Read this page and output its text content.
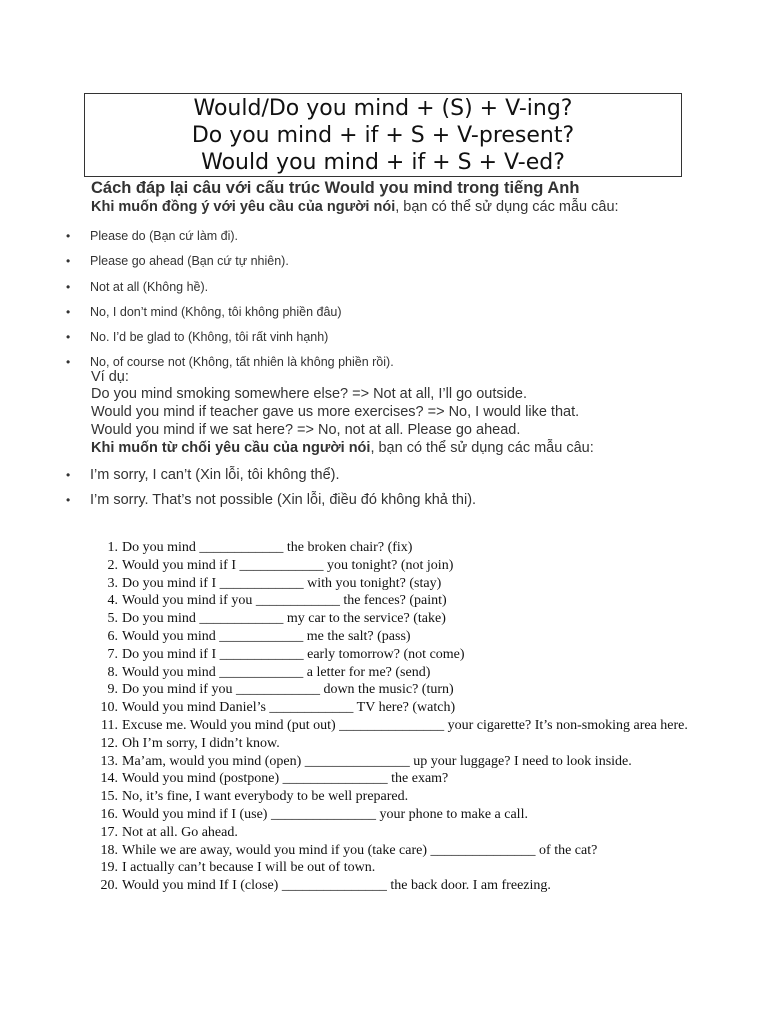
Would/Do you mind + (S) + V-ing?
Do you mind + if + S + V-present?
Would you mind + if + S + V-ed?
Cách đáp lại câu với cấu trúc Would you mind trong tiếng Anh
Khi muốn đồng ý với yêu cầu của người nói, bạn có thể sử dụng các mẫu câu:
• Please do (Bạn cứ làm đi).
• Please go ahead (Bạn cứ tự nhiên).
• Not at all (Không hề).
• No, I don’t mind (Không, tôi không phiền đâu)
• No. I’d be glad to (Không, tôi rất vinh hạnh)
• No, of course not (Không, tất nhiên là không phiền rồi).
Ví dụ:
Do you mind smoking somewhere else? => Not at all, I’ll go outside.
Would you mind if teacher gave us more exercises? => No, I would like that.
Would you mind if we sat here? => No, not at all. Please go ahead.
Khi muốn từ chối yêu cầu của người nói, bạn có thể sử dụng các mẫu câu:
• I’m sorry, I can’t (Xin lỗi, tôi không thể).
• I’m sorry. That’s not possible (Xin lỗi, điều đó không khả thi).
1. Do you mind ____________ the broken chair? (fix)
2. Would you mind if I ____________ you tonight? (not join)
3. Do you mind if I ____________ with you tonight? (stay)
4. Would you mind if you ____________ the fences? (paint)
5. Do you mind ____________ my car to the service? (take)
6. Would you mind ____________ me the salt? (pass)
7. Do you mind if I ____________ early tomorrow? (not come)
8. Would you mind ____________ a letter for me? (send)
9. Do you mind if you ____________ down the music? (turn)
10. Would you mind Daniel’s ____________ TV here? (watch)
11. Excuse me. Would you mind (put out) _______________ your cigarette? It’s non-smoking area here.
12. Oh I’m sorry, I didn’t know.
13. Ma’am, would you mind (open) _______________ up your luggage? I need to look inside.
14. Would you mind (postpone) _______________ the exam?
15. No, it’s fine, I want everybody to be well prepared.
16. Would you mind if I (use) _______________ your phone to make a call.
17. Not at all. Go ahead.
18. While we are away, would you mind if you (take care) _______________ of the cat?
19. I actually can’t because I will be out of town.
20. Would you mind If I (close) _______________ the back door. I am freezing.
